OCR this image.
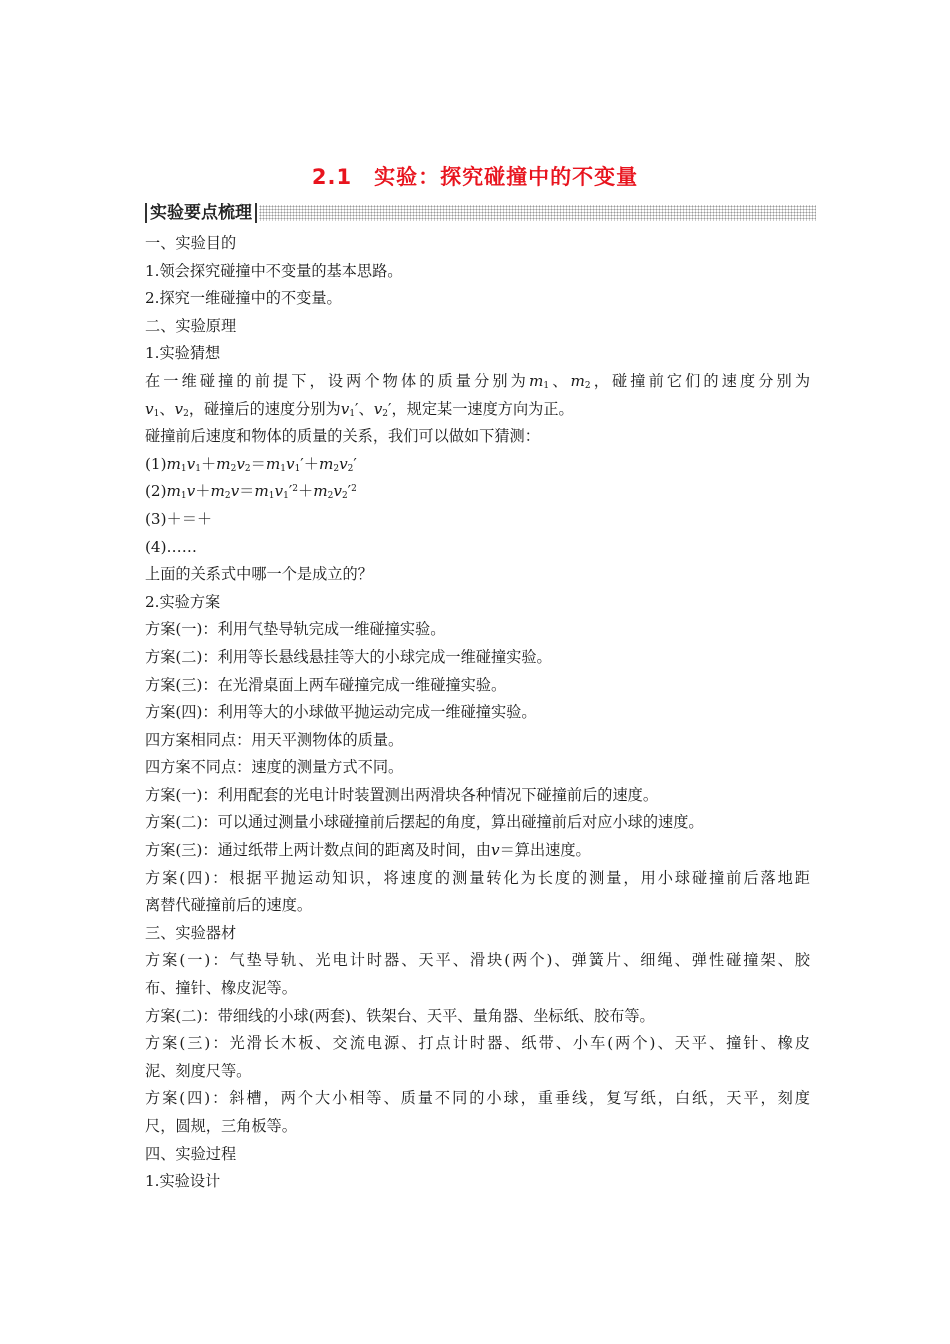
2.1　实验：探究碰撞中的不变量
实验要点梳理

一、实验目的

1.领会探究碰撞中不变量的基本思路。

2.探究一维碰撞中的不变量。

二、实验原理

1.实验猜想

在一维碰撞的前提下，设两个物体的质量分别为$m_1$、$m_2$，碰撞前它们的速度分别为

$v_1$、$v_2$，碰撞后的速度分别为$v_1'$、$v_2'$，规定某一速度方向为正。

碰撞前后速度和物体的质量的关系，我们可以做如下猜测：

$(1)m_1v_1+m_2v_2=m_1v_1'+m_2v_2'$

$(2)m_1v+m_2v=m_1v_1'^2+m_2v_2'^2$

(3)＋＝＋

(4)……

上面的关系式中哪一个是成立的？

2.实验方案

方案(一)：利用气垫导轨完成一维碰撞实验。

方案(二)：利用等长悬线悬挂等大的小球完成一维碰撞实验。

方案(三)：在光滑桌面上两车碰撞完成一维碰撞实验。

方案(四)：利用等大的小球做平抛运动完成一维碰撞实验。

四方案相同点：用天平测物体的质量。

四方案不同点：速度的测量方式不同。

方案(一)：利用配套的光电计时装置测出两滑块各种情况下碰撞前后的速度。

方案(二)：可以通过测量小球碰撞前后摆起的角度，算出碰撞前后对应小球的速度。

方案(三)：通过纸带上两计数点间的距离及时间，由v＝算出速度。

方案(四)：根据平抛运动知识，将速度的测量转化为长度的测量，用小球碰撞前后落地距

离替代碰撞前后的速度。

三、实验器材

方案(一)：气垫导轨、光电计时器、天平、滑块(两个)、弹簧片、细绳、弹性碰撞架、胶

布、撞针、橡皮泥等。

方案(二)：带细线的小球(两套)、铁架台、天平、量角器、坐标纸、胶布等。

方案(三)：光滑长木板、交流电源、打点计时器、纸带、小车(两个)、天平、撞针、橡皮

泥、刻度尺等。

方案(四)：斜槽，两个大小相等、质量不同的小球，重垂线，复写纸，白纸，天平，刻度

尺，圆规，三角板等。

四、实验过程

1.实验设计
